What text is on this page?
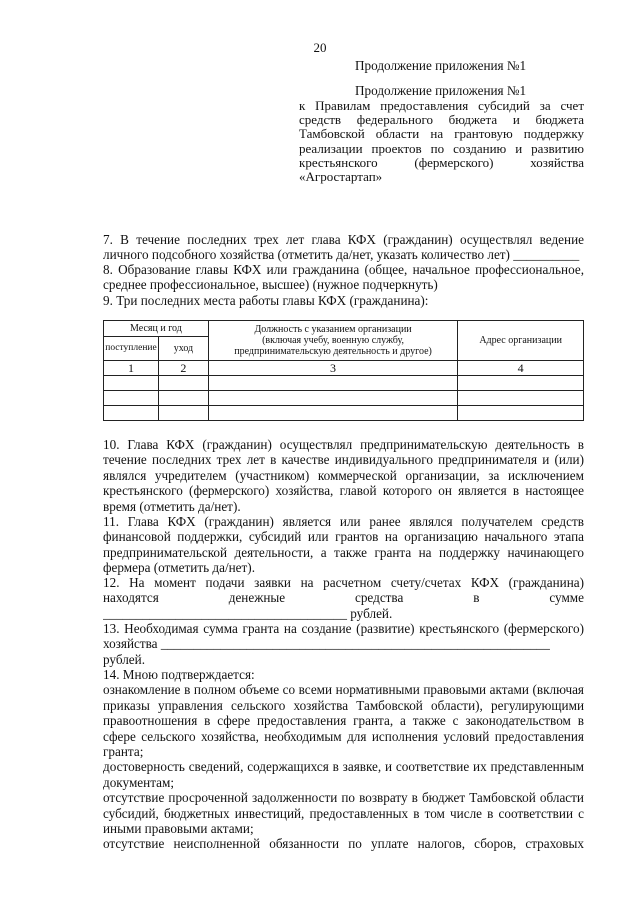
20
Продолжение приложения №1
Продолжение приложения №1
к Правилам предоставления субсидий за счет
средств федерального бюджета и бюджета
Тамбовской области на грантовую поддержку
реализации проектов по созданию и развитию
крестьянского (фермерского) хозяйства
«Агростартап»
7. В течение последних трех лет глава КФХ (гражданин) осуществлял ведение
личного подсобного хозяйства (отметить да/нет, указать количество лет) __________
8. Образование главы КФХ или гражданина (общее, начальное профессиональное,
среднее профессиональное, высшее) (нужное подчеркнуть)
9. Три последних места работы главы КФХ (гражданина):
Месяц и год		Должность с указанием организации
(включая учебу, военную службу,
предпринимательскую деятельность и другое)	Адрес организации
поступление	уход		
1	2	3	4

10. Глава КФХ (гражданин) осуществлял предпринимательскую деятельность в
течение последних трех лет в качестве индивидуального предпринимателя и (или)
являлся учредителем (участником) коммерческой организации, за исключением
крестьянского (фермерского) хозяйства, главой которого он является в настоящее
время (отметить да/нет).
11. Глава КФХ (гражданин) является или ранее являлся получателем средств
финансовой поддержки, субсидий или грантов на организацию начального этапа
предпринимательской деятельности, а также гранта на поддержку начинающего
фермера (отметить да/нет).
12. На момент подачи заявки на расчетном счету/счетах КФХ (гражданина)
находятся денежные средства в сумме
_____________________________________ рублей.
13. Необходимая сумма гранта на создание (развитие) крестьянского (фермерского)
хозяйства ___________________________________________________________
рублей.
14. Мною подтверждается:
ознакомление в полном объеме со всеми нормативными правовыми актами (включая
приказы управления сельского хозяйства Тамбовской области), регулирующими
правоотношения в сфере предоставления гранта, а также с законодательством в
сфере сельского хозяйства, необходимым для исполнения условий предоставления
гранта;
достоверность сведений, содержащихся в заявке, и соответствие их представленным
документам;
отсутствие просроченной задолженности по возврату в бюджет Тамбовской области
субсидий, бюджетных инвестиций, предоставленных в том числе в соответствии с
иными правовыми актами;
отсутствие неисполненной обязанности по уплате налогов, сборов, страховых
